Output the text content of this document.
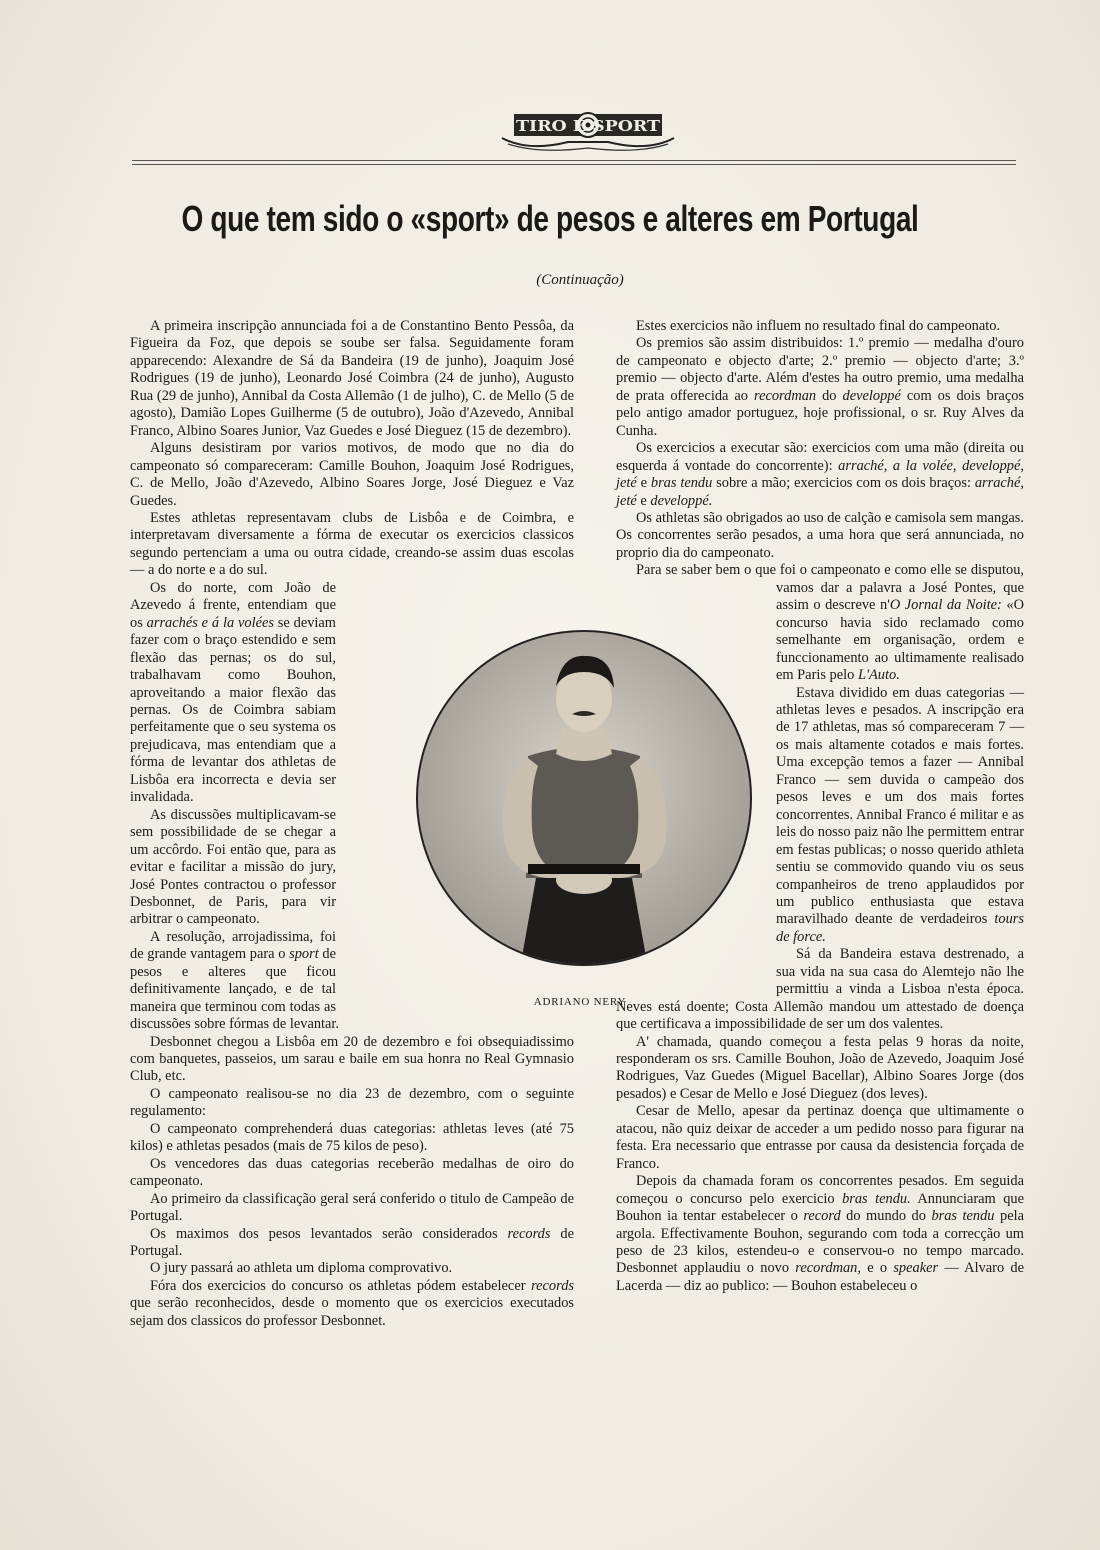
TIRO E SPORT
O que tem sido o «sport» de pesos e alteres em Portugal
(Continuação)

A primeira inscripção annunciada foi a de Constantino Bento Pessôa, da Figueira da Foz, que depois se soube ser falsa. Seguidamente foram apparecendo: Alexandre de Sá da Bandeira (19 de junho), Joaquim José Rodrigues (19 de junho), Leonardo José Coimbra (24 de junho), Augusto Rua (29 de junho), Annibal da Costa Allemão (1 de julho), C. de Mello (5 de agosto), Damião Lopes Guilherme (5 de outubro), João d'Azevedo, Annibal Franco, Albino Soares Junior, Vaz Guedes e José Dieguez (15 de dezembro).

Alguns desistiram por varios motivos, de modo que no dia do campeonato só compareceram: Camille Bouhon, Joaquim José Rodrigues, C. de Mello, João d'Azevedo, Albino Soares Jorge, José Dieguez e Vaz Guedes.

Estes athletas representavam clubs de Lisbôa e de Coimbra, e interpretavam diversamente a fórma de executar os exercicios classicos segundo pertenciam a uma ou outra cidade, creando-se assim duas escolas — a do norte e a do sul.

Os do norte, com João de Azevedo á frente, entendiam que os arrachés e á la volées se deviam fazer com o braço estendido e sem flexão das pernas; os do sul, trabalhavam como Bouhon, aproveitando a maior flexão das pernas. Os de Coimbra sabiam perfeitamente que o seu systema os prejudicava, mas entendiam que a fórma de levantar dos athletas de Lisbôa era incorrecta e devia ser invalidada.

As discussões multiplicavam-se sem possibilidade de se chegar a um accôrdo. Foi então que, para as evitar e facilitar a missão do jury, José Pontes contractou o professor Desbonnet, de Paris, para vir arbitrar o campeonato.

A resolução, arrojadissima, foi de grande vantagem para o sport de pesos e alteres que ficou definitivamente lançado, e de tal maneira que terminou com todas as discussões sobre fórmas de levantar.

Desbonnet chegou a Lisbôa em 20 de dezembro e foi obsequiadissimo com banquetes, passeios, um sarau e baile em sua honra no Real Gymnasio Club, etc.

O campeonato realisou-se no dia 23 de dezembro, com o seguinte regulamento:

O campeonato comprehenderá duas categorias: athletas leves (até 75 kilos) e athletas pesados (mais de 75 kilos de peso).

Os vencedores das duas categorias receberão medalhas de oiro do campeonato.

Ao primeiro da classificação geral será conferido o titulo de Campeão de Portugal.

Os maximos dos pesos levantados serão considerados records de Portugal.

O jury passará ao athleta um diploma comprovativo.

Fóra dos exercicios do concurso os athletas pódem estabelecer records que serão reconhecidos, desde o momento que os exercicios executados sejam dos classicos do professor Desbonnet.

Estes exercicios não influem no resultado final do campeonato.

Os premios são assim distribuidos: 1.º premio — medalha d'ouro de campeonato e objecto d'arte; 2.º premio — objecto d'arte; 3.º premio — objecto d'arte. Além d'estes ha outro premio, uma medalha de prata offerecida ao recordman do developpé com os dois braços pelo antigo amador portuguez, hoje profissional, o sr. Ruy Alves da Cunha.

Os exercicios a executar são: exercicios com uma mão (direita ou esquerda á vontade do concorrente): arraché, a la volée, developpé, jeté e bras tendu sobre a mão; exercicios com os dois braços: arraché, jeté e developpé.

Os athletas são obrigados ao uso de calção e camisola sem mangas. Os concorrentes serão pesados, a uma hora que será annunciada, no proprio dia do campeonato.

Para se saber bem o que foi o campeonato e como elle se disputou, vamos dar a palavra a José Pontes, que assim o descreve n'O Jornal da Noite: «O concurso havia sido reclamado como semelhante em organisação, ordem e funccionamento ao ultimamente realisado em Paris pelo L'Auto.

Estava dividido em duas categorias — athletas leves e pesados. A inscripção era de 17 athletas, mas só compareceram 7 — os mais altamente cotados e mais fortes. Uma excepção temos a fazer — Annibal Franco — sem duvida o campeão dos pesos leves e um dos mais fortes concorrentes. Annibal Franco é militar e as leis do nosso paiz não lhe permittem entrar em festas publicas; o nosso querido athleta sentiu se commovido quando viu os seus companheiros de treno applaudidos por um publico enthusiasta que estava maravilhado deante de verdadeiros tours de force.

Sá da Bandeira estava destrenado, a sua vida na sua casa do Alemtejo não lhe permittiu a vinda a Lisboa n'esta época. Neves está doente; Costa Allemão mandou um attestado de doença que certificava a impossibilidade de ser um dos valentes.

A' chamada, quando começou a festa pelas 9 horas da noite, responderam os srs. Camille Bouhon, João de Azevedo, Joaquim José Rodrigues, Vaz Guedes (Miguel Bacellar), Albino Soares Jorge (dos pesados) e Cesar de Mello e José Dieguez (dos leves).

Cesar de Mello, apesar da pertinaz doença que ultimamente o atacou, não quiz deixar de acceder a um pedido nosso para figurar na festa. Era necessario que entrasse por causa da desistencia forçada de Franco.

Depois da chamada foram os concorrentes pesados. Em seguida começou o concurso pelo exercicio bras tendu. Annunciaram que Bouhon ia tentar estabelecer o record do mundo do bras tendu pela argola. Effectivamente Bouhon, segurando com toda a correcção um peso de 23 kilos, estendeu-o e conservou-o no tempo marcado. Desbonnet applaudiu o novo recordman, e o speaker — Alvaro de Lacerda — diz ao publico: — Bouhon estabeleceu o

ADRIANO NERY
